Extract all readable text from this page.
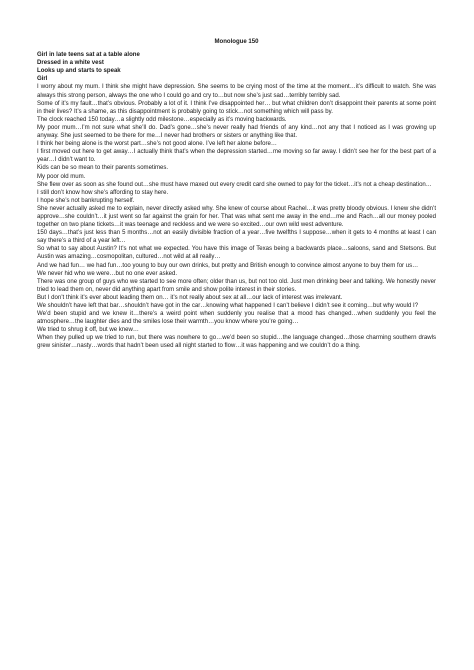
Monologue 150
Girl in late teens sat at a table alone
Dressed in a white vest
Looks up and starts to speak
Girl

I worry about my mum. I think she might have depression. She seems to be crying most of the time at the moment…it’s difficult to watch. She was always this strong person, always the one who I could go and cry to…but now she’s just sad…terribly terribly sad.

Some of it’s my fault…that’s obvious. Probably a lot of it. I think I’ve disappointed her… but what children don’t disappoint their parents at some point in their lives? It’s a shame, as this disappointment is probably going to stick…not something which will pass by.

The clock reached 150 today…a slightly odd milestone…especially as it’s moving backwards.

My poor mum…I’m not sure what she’ll do. Dad’s gone…she’s never really had friends of any kind…not any that I noticed as I was growing up anyway. She just seemed to be there for me…I never had brothers or sisters or anything like that.

I think her being alone is the worst part…she’s not good alone. I’ve left her alone before…

I first moved out here to get away…I actually think that’s when the depression started…me moving so far away. I didn’t see her for the best part of a year…I didn’t want to.

Kids can be so mean to their parents sometimes.

My poor old mum.

She flew over as soon as she found out…she must have maxed out every credit card she owned to pay for the ticket…it’s not a cheap destination…

I still don’t know how she’s affording to stay here.

I hope she’s not bankrupting herself.

She never actually asked me to explain, never directly asked why. She knew of course about Rachel…it was pretty bloody obvious. I knew she didn’t approve…she couldn’t…it just went so far against the grain for her. That was what sent me away in the end…me and Rach…all our money pooled together on two plane tickets…it was teenage and reckless and we were so excited…our own wild west adventure.

150 days…that’s just less than 5 months…not an easily divisible fraction of a year…five twelfths I suppose…when it gets to 4 months at least I can say there’s a third of a year left…

So what to say about Austin? It’s not what we expected. You have this image of Texas being a backwards place…saloons, sand and Stetsons. But Austin was amazing…cosmopolitan, cultured…not wild at all really…

And we had fun… we had fun…too young to buy our own drinks, but pretty and British enough to convince almost anyone to buy them for us…

We never hid who we were…but no one ever asked.

There was one group of guys who we started to see more often; older than us, but not too old. Just men drinking beer and talking. We honestly never tried to lead them on, never did anything apart from smile and show polite interest in their stories.

But I don’t think it’s ever about leading them on… it’s not really about sex at all…our lack of interest was irrelevant.

We shouldn’t have left that bar…shouldn’t have got in the car…knowing what happened I can’t believe I didn’t see it coming…but why would I?

We’d been stupid and we knew it…there’s a weird point when suddenly you realise that a mood has changed…when suddenly you feel the atmosphere…the laughter dies and the smiles lose their warmth…you know where you’re going…

We tried to shrug it off, but we knew…

When they pulled up we tried to run, but there was nowhere to go…we’d been so stupid…the language changed…those charming southern drawls grew sinister…nasty…words that hadn’t been used all night started to flow…it was happening and we couldn’t do a thing.
